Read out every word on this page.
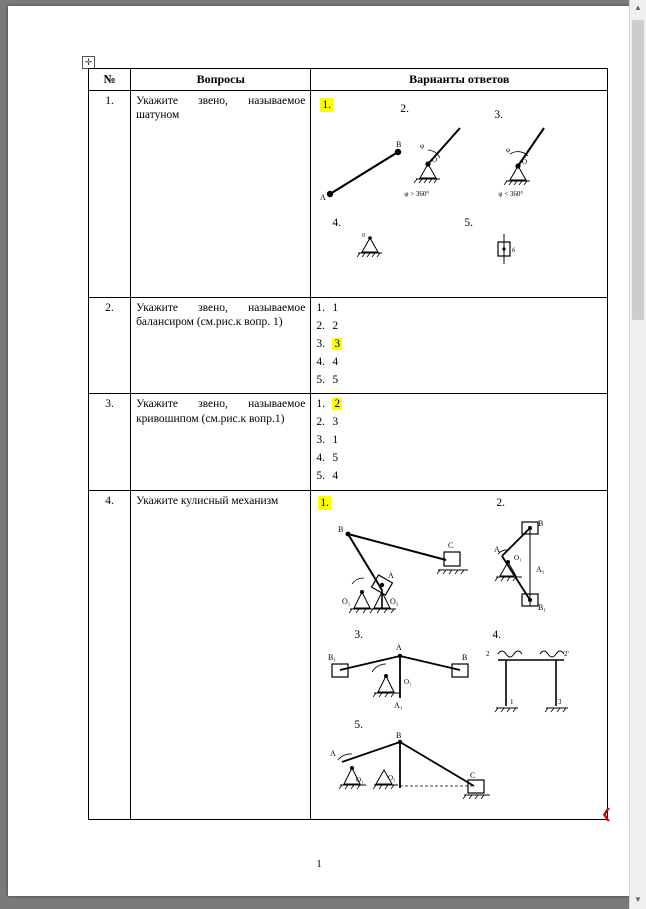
✛
№	Вопросы	Варианты ответов
1.	Укажите звено, называемое шатуном	
1.	2.	3.
4.	5.
A
B	φ
O
φ > 360°
φ
O
φ < 360°
0
б

2.	Укажите звено, называемое балансиром (см.рис.к вопр. 1)	
1. 1
2. 2
3. 3
4. 4
5. 5

3.	Укажите звено, называемое кривошипом (см.рис.к вопр.1)	
1. 2
2. 3
3. 1
4. 5
5. 4

4.	Укажите кулисный механизм	1.	2.
3.	4.
5.
B
C
A
O₁	O₃
B
A
O₁
A₁
B₁
B₁
A
B
O₁
A₁
2	2'
1	3
A
B
C
O₁	O₃
1
❮
▲
▼
